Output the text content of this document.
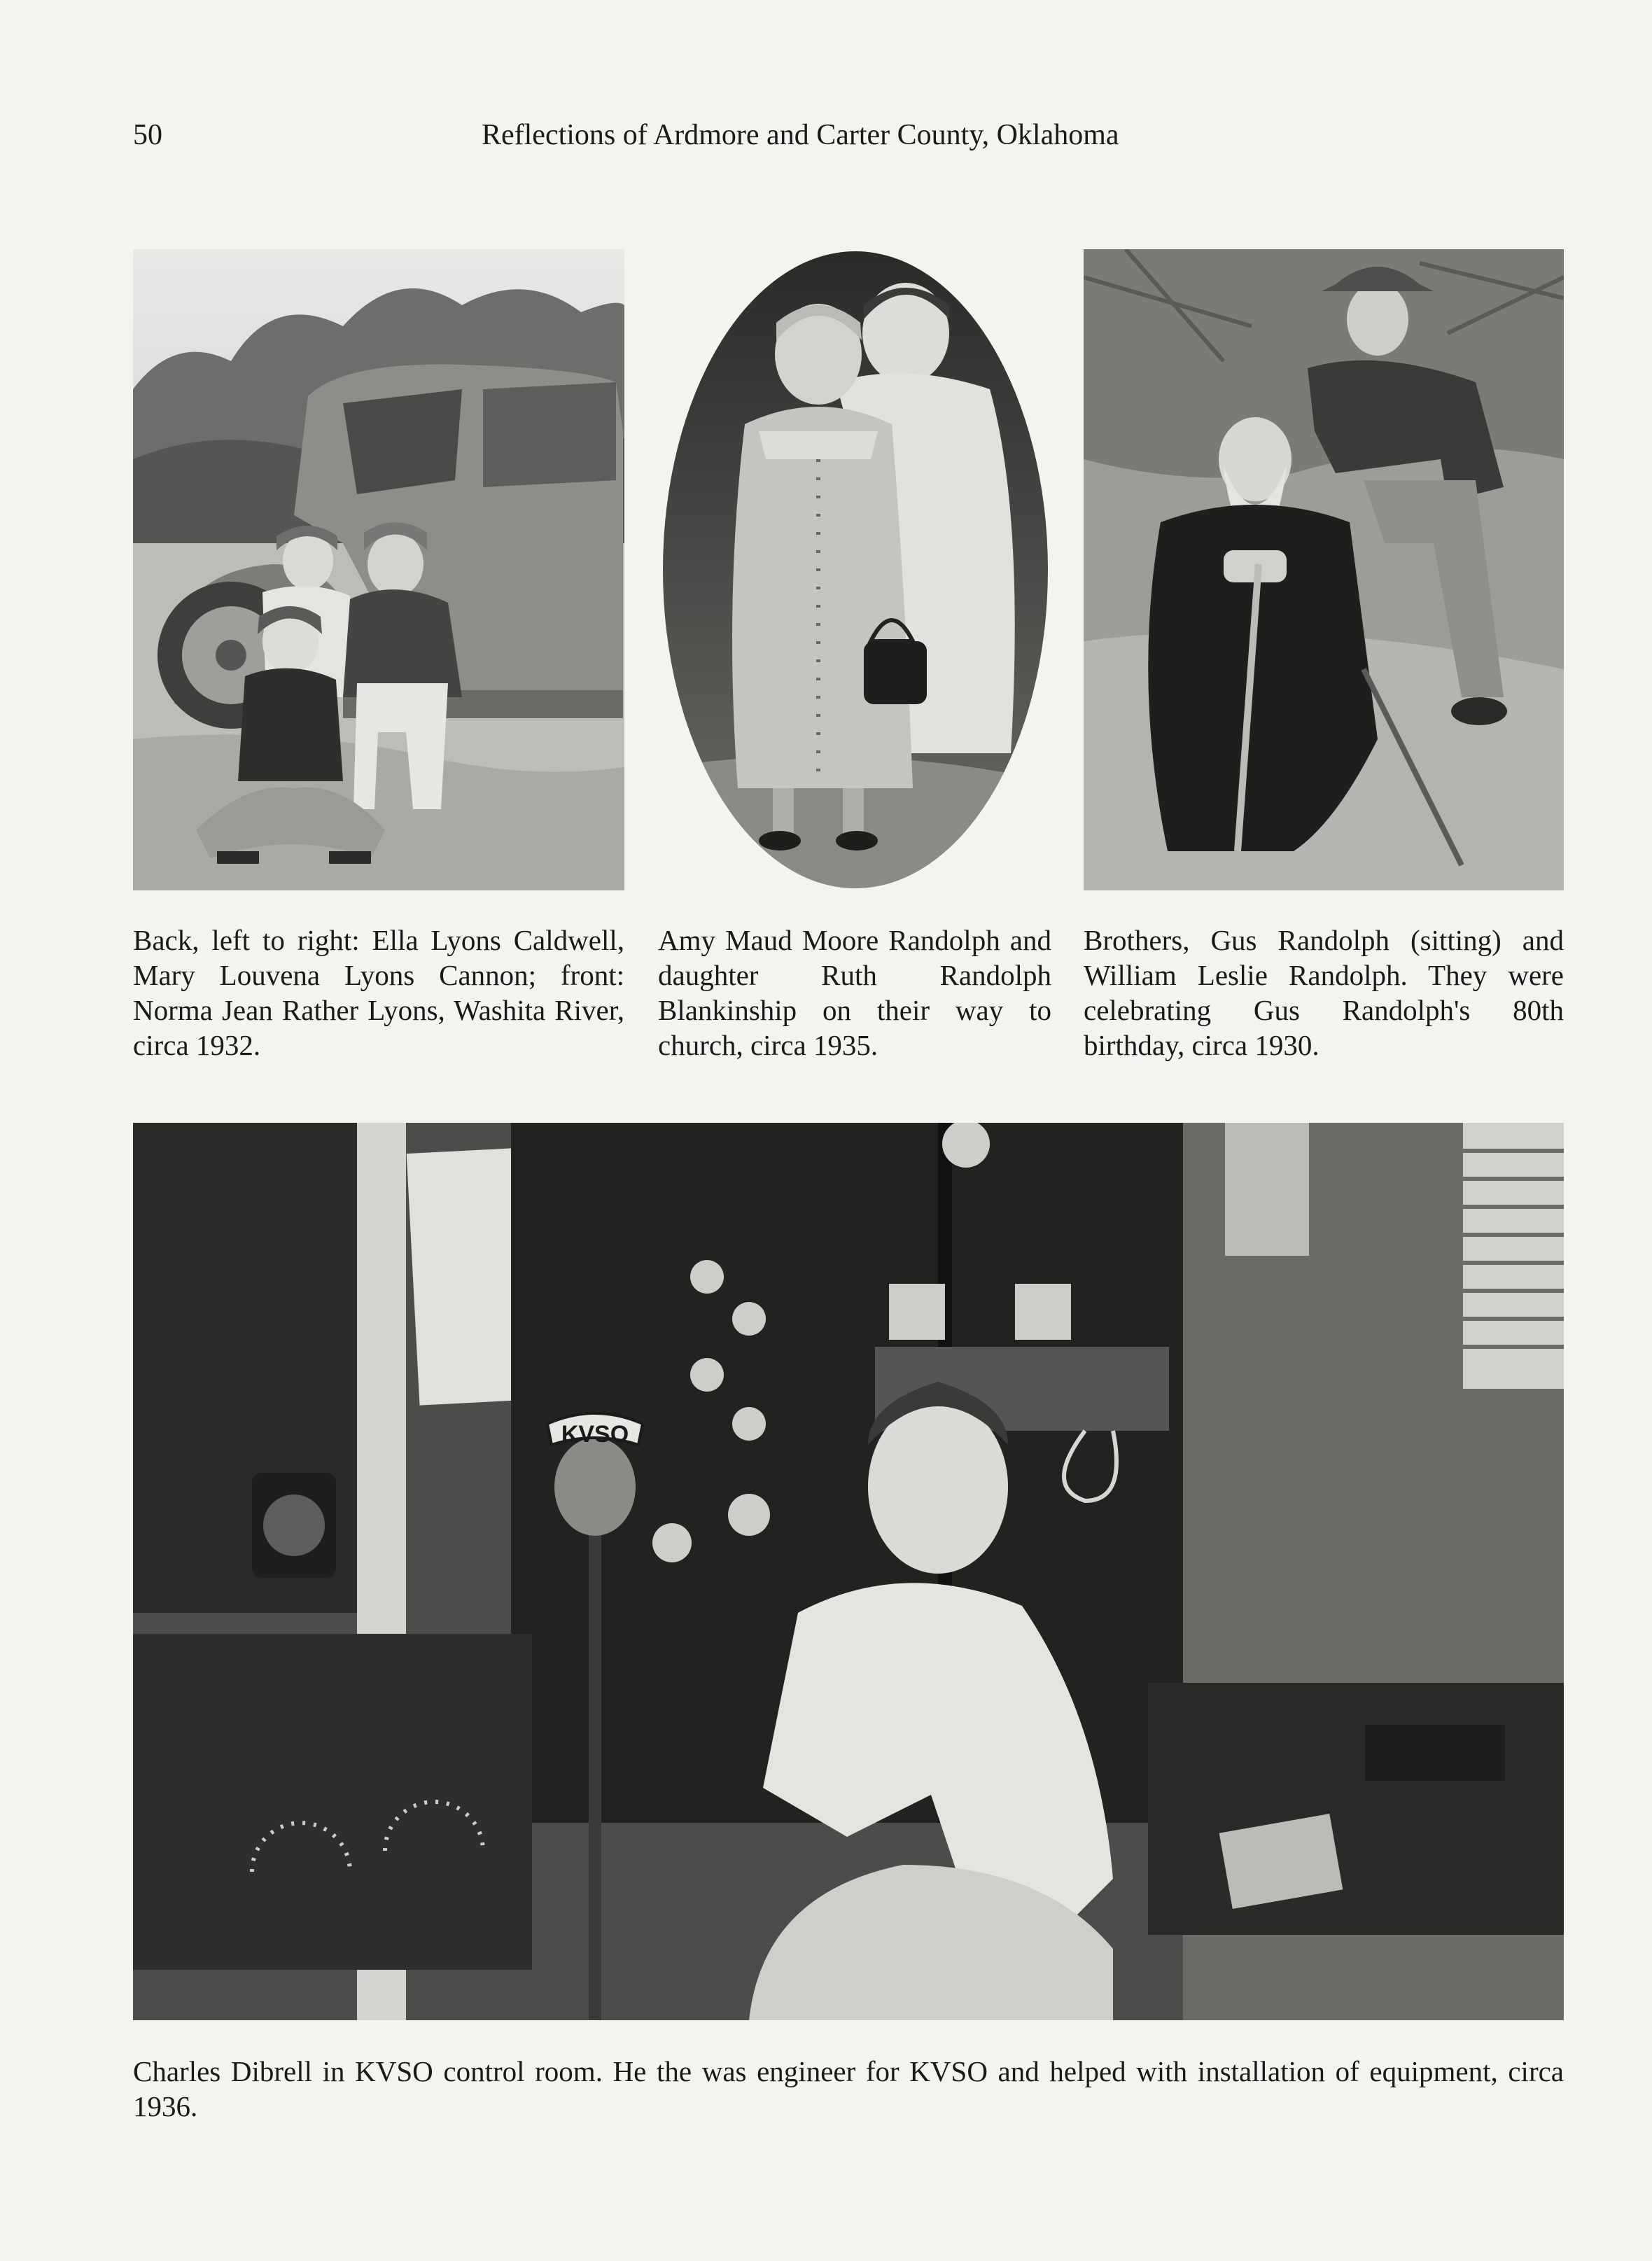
50	Reflections of Ardmore and Carter County, Oklahoma

Back, left to right: Ella Lyons Caldwell, Mary Louvena Lyons Cannon; front: Norma Jean Rather Lyons, Washita River, circa 1932.

Amy Maud Moore Randolph and daughter Ruth Randolph Blankinship on their way to church, circa 1935.

Brothers, Gus Randolph (sitting) and William Leslie Randolph. They were celebrating Gus Randolph's 80th birthday, circa 1930.

KVSO

Charles Dibrell in KVSO control room. He the was engineer for KVSO and helped with installation of equipment, circa 1936.
